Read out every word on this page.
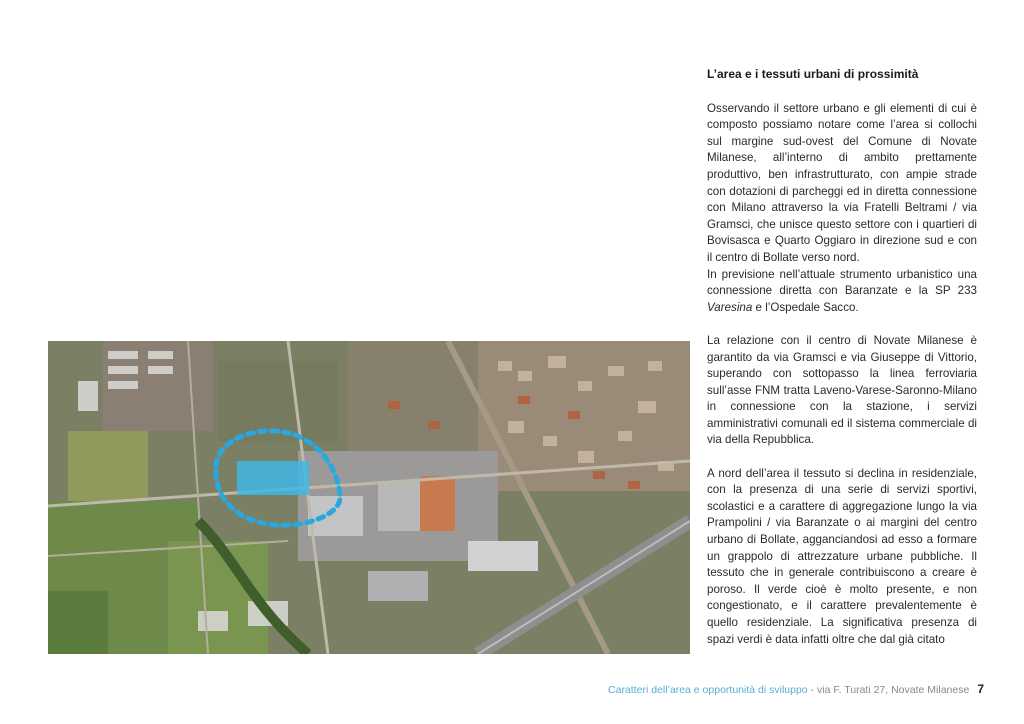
L’area e i tessuti urbani di prossimità
Osservando il settore urbano e gli elementi di cui è composto possiamo notare come l’area si collochi sul margine sud-ovest del Comune di Novate Milanese, all’interno di ambito prettamente produttivo, ben infrastrutturato, con ampie strade con dotazioni di parcheggi ed in diretta connessione con Milano attraverso la via Fratelli Beltrami / via Gramsci, che unisce questo settore con i quartieri di Bovisasca e Quarto Oggiaro in direzione sud e con il centro di Bollate verso nord.
In previsione nell’attuale strumento urbanistico una connessione diretta con Baranzate e la SP 233 Varesina e l’Ospedale Sacco.
La relazione con il centro di Novate Milanese è garantito da via Gramsci e via Giuseppe di Vittorio, superando con sottopasso la linea ferroviaria sull’asse FNM tratta Laveno-Varese-Saronno-Milano in connessione con la stazione, i servizi amministrativi comunali ed il sistema commerciale di via della Repubblica.
A nord dell’area il tessuto si declina in residenziale, con la presenza di una serie di servizi sportivi, scolastici e a carattere di aggregazione lungo la via Prampolini / via Baranzate o ai margini del centro urbano di Bollate, agganciandosi ad esso a formare un grappolo di attrezzature urbane pubbliche. Il tessuto che in generale contribuiscono a creare è poroso. Il verde cioè è molto presente, e non congestionato, e il carattere prevalentemente è quello residenziale. La significativa presenza di spazi verdi è data infatti oltre che dal già citato
Caratteri dell’area e opportunità di sviluppo - via F. Turati 27, Novate Milanese 7
